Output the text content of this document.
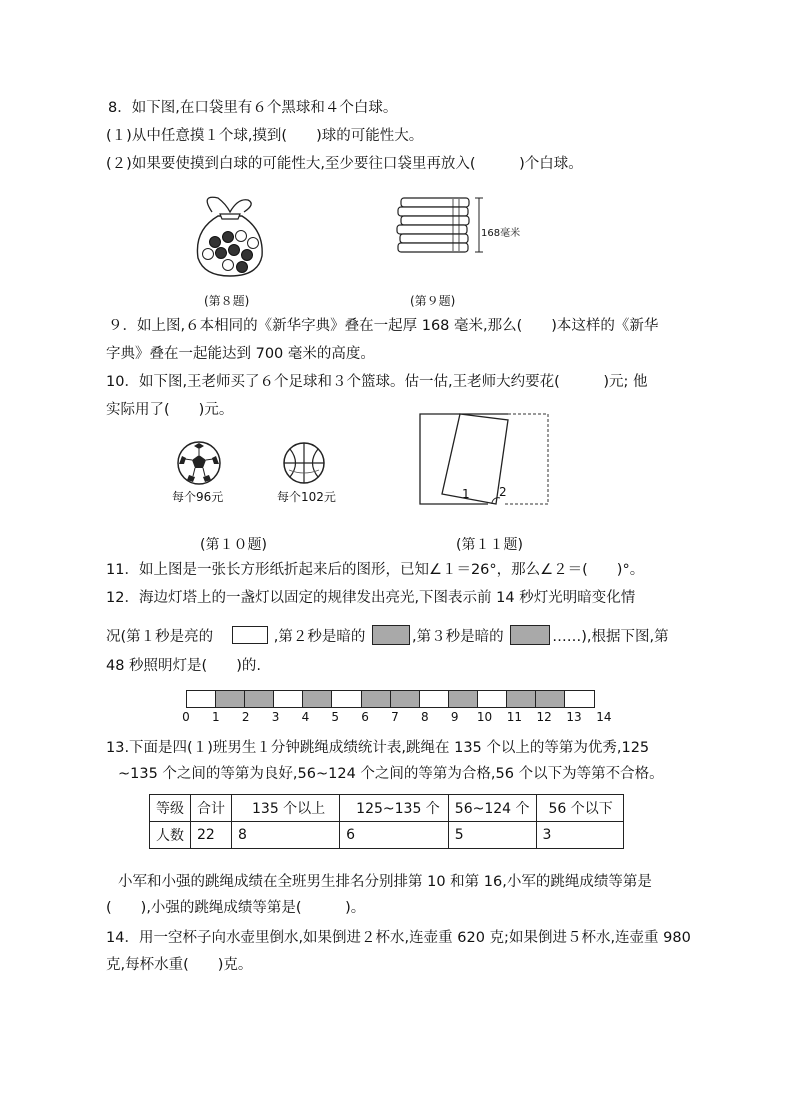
8．如下图,在口袋里有６个黑球和４个白球。
(１)从中任意摸１个球,摸到(　　)球的可能性大。
(２)如果要使摸到白球的可能性大,至少要往口袋里再放入(　　　)个白球。
(第８题)
168毫米
(第９题)
９．如上图,６本相同的《新华字典》叠在一起厚 168 毫米,那么(　　)本这样的《新华
字典》叠在一起能达到 700 毫米的高度。
10．如下图,王老师买了６个足球和３个篮球。估一估,王老师大约要花(　　　)元; 他
实际用了(　　)元。
每个96元	每个102元
(第１０题)
1 2
(第１１题)
11．如上图是一张长方形纸折起来后的图形，已知∠１＝26°，那么∠２＝(　　)°。
12．海边灯塔上的一盏灯以固定的规律发出亮光,下图表示前 14 秒灯光明暗变化情
况(第１秒是亮的	,第２秒是暗的	,第３秒是暗的	……),根据下图,第
48 秒照明灯是(　　)的.
0	1	2	3	4	5	6	7	8	9	10 11 12 13 14
13.下面是四(１)班男生１分钟跳绳成绩统计表,跳绳在 135 个以上的等第为优秀,125
~135 个之间的等第为良好,56~124 个之间的等第为合格,56 个以下为等第不合格。
等级	合计	135 个以上	125~135 个	56~124 个	56 个以下
人数	22	8	6	5	3
小军和小强的跳绳成绩在全班男生排名分别排第 10 和第 16,小军的跳绳成绩等第是
(　　),小强的跳绳成绩等第是(　　　)。
14．用一空杯子向水壶里倒水,如果倒进２杯水,连壶重 620 克;如果倒进５杯水,连壶重 980
克,每杯水重(　　)克。
